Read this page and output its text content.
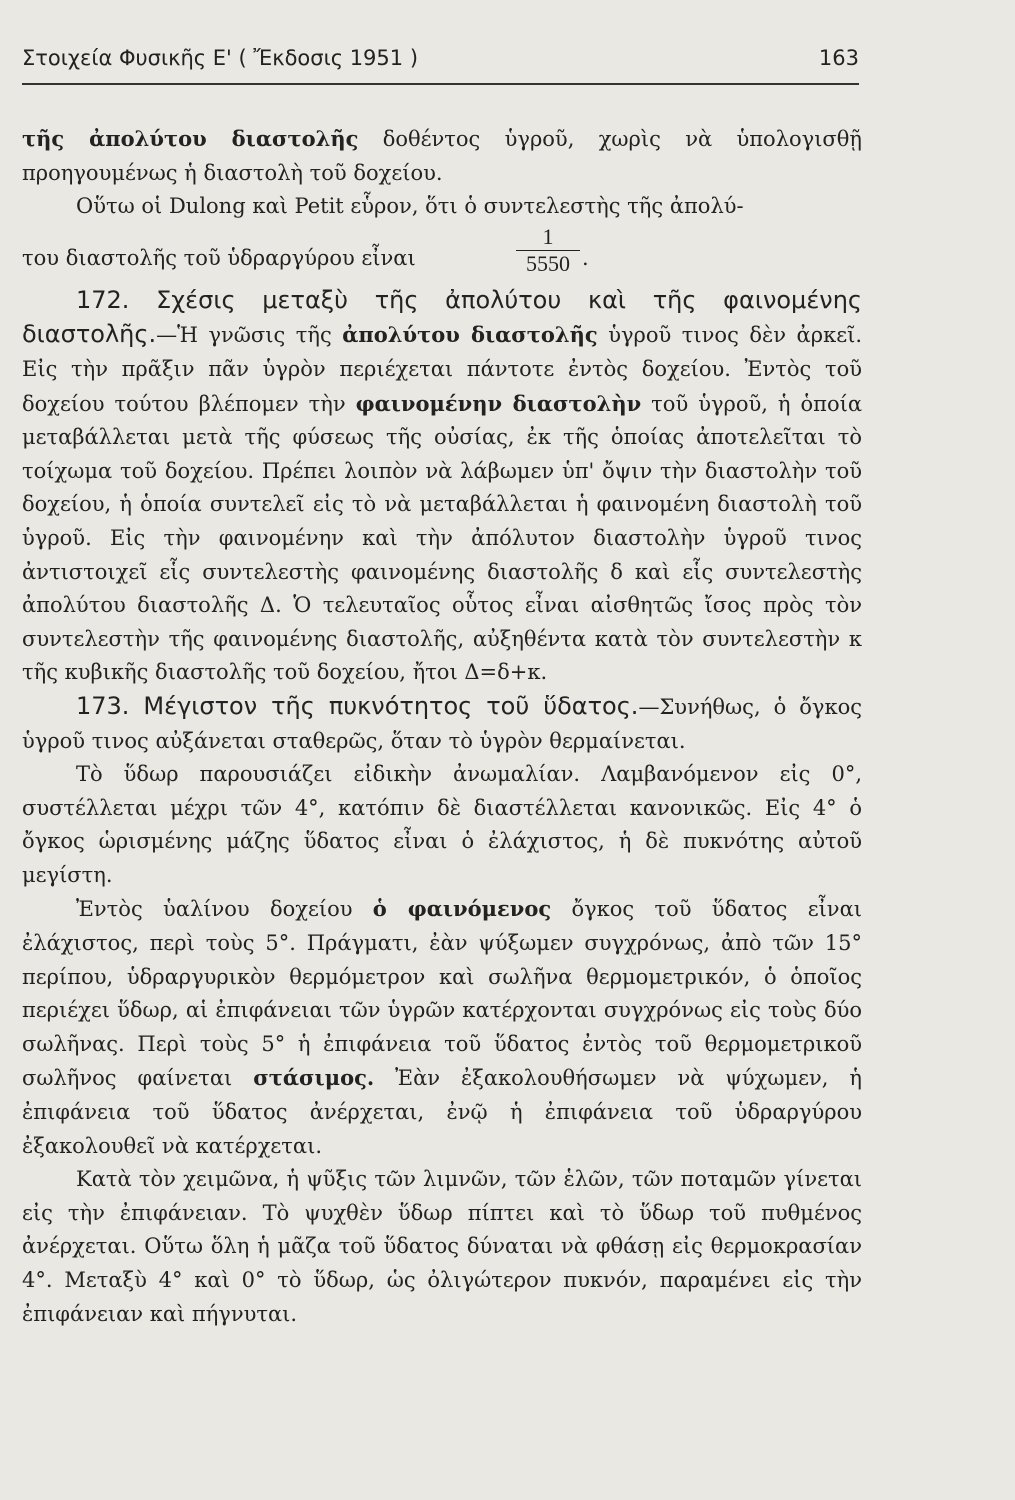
Στοιχεία Φυσικῆς Ε' ( Ἔκδοσις 1951 )	163

τῆς ἀπολύτου διαστολῆς δοθέντος ὑγροῦ, χωρὶς νὰ ὑπολογισθῇ προηγουμένως ἡ διαστολὴ τοῦ δοχείου.

Οὕτω οἱ Dulong καὶ Petit εὗρον, ὅτι ὁ συντελεστὴς τῆς ἀπολύ-

του διαστολῆς τοῦ ὑδραργύρου εἶναι	$\frac{1}{5550}$ .

172. Σχέσις μεταξὺ τῆς ἀπολύτου καὶ τῆς φαινομένης διαστολῆς.—Ἡ γνῶσις τῆς ἀπολύτου διαστολῆς ὑγροῦ τινος δὲν ἀρκεῖ. Εἰς τὴν πρᾶξιν πᾶν ὑγρὸν περιέχεται πάντοτε ἐντὸς δοχείου. Ἐντὸς τοῦ δοχείου τούτου βλέπομεν τὴν φαινομένην διαστολὴν τοῦ ὑγροῦ, ἡ ὁποία μεταβάλλεται μετὰ τῆς φύσεως τῆς οὐσίας, ἐκ τῆς ὁποίας ἀποτελεῖται τὸ τοίχωμα τοῦ δοχείου. Πρέπει λοιπὸν νὰ λάβωμεν ὑπ' ὄψιν τὴν διαστολὴν τοῦ δοχείου, ἡ ὁποία συντελεῖ εἰς τὸ νὰ μεταβάλλεται ἡ φαινομένη διαστολὴ τοῦ ὑγροῦ. Εἰς τὴν φαινομένην καὶ τὴν ἀπόλυτον διαστολὴν ὑγροῦ τινος ἀντιστοιχεῖ εἷς συντελεστὴς φαινομένης διαστολῆς δ καὶ εἷς συντελεστὴς ἀπολύτου διαστολῆς Δ. Ὁ τελευταῖος οὗτος εἶναι αἰσθητῶς ἴσος πρὸς τὸν συντελεστὴν τῆς φαινομένης διαστολῆς, αὐξηθέντα κατὰ τὸν συντελεστὴν κ τῆς κυβικῆς διαστολῆς τοῦ δοχείου, ἤτοι Δ=δ+κ.

173. Μέγιστον τῆς πυκνότητος τοῦ ὕδατος.—Συνήθως, ὁ ὄγκος ὑγροῦ τινος αὐξάνεται σταθερῶς, ὅταν τὸ ὑγρὸν θερμαίνεται.

Τὸ ὕδωρ παρουσιάζει εἰδικὴν ἀνωμαλίαν. Λαμβανόμενον εἰς 0°, συστέλλεται μέχρι τῶν 4°, κατόπιν δὲ διαστέλλεται κανονικῶς. Εἰς 4° ὁ ὄγκος ὡρισμένης μάζης ὕδατος εἶναι ὁ ἐλάχιστος, ἡ δὲ πυκνότης αὐτοῦ μεγίστη.

Ἐντὸς ὑαλίνου δοχείου ὁ φαινόμενος ὄγκος τοῦ ὕδατος εἶναι ἐλάχιστος, περὶ τοὺς 5°. Πράγματι, ἐὰν ψύξωμεν συγχρόνως, ἀπὸ τῶν 15° περίπου, ὑδραργυρικὸν θερμόμετρον καὶ σωλῆνα θερμομετρικόν, ὁ ὁποῖος περιέχει ὕδωρ, αἱ ἐπιφάνειαι τῶν ὑγρῶν κατέρχονται συγχρόνως εἰς τοὺς δύο σωλῆνας. Περὶ τοὺς 5° ἡ ἐπιφάνεια τοῦ ὕδατος ἐντὸς τοῦ θερμομετρικοῦ σωλῆνος φαίνεται στάσιμος. Ἐὰν ἐξακολουθήσωμεν νὰ ψύχωμεν, ἡ ἐπιφάνεια τοῦ ὕδατος ἀνέρχεται, ἐνῷ ἡ ἐπιφάνεια τοῦ ὑδραργύρου ἐξακολουθεῖ νὰ κατέρχεται.

Κατὰ τὸν χειμῶνα, ἡ ψῦξις τῶν λιμνῶν, τῶν ἑλῶν, τῶν ποταμῶν γίνεται εἰς τὴν ἐπιφάνειαν. Τὸ ψυχθὲν ὕδωρ πίπτει καὶ τὸ ὕδωρ τοῦ πυθμένος ἀνέρχεται. Οὕτω ὅλη ἡ μᾶζα τοῦ ὕδατος δύναται νὰ φθάσῃ εἰς θερμοκρασίαν 4°. Μεταξὺ 4° καὶ 0° τὸ ὕδωρ, ὡς ὀλιγώτερον πυκνόν, παραμένει εἰς τὴν ἐπιφάνειαν καὶ πήγνυται.
